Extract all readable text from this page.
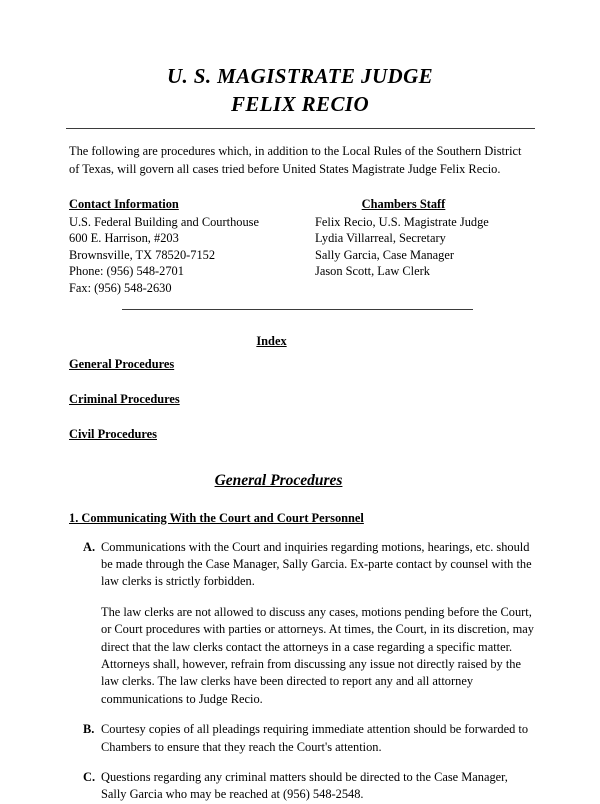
U. S. MAGISTRATE JUDGE
FELIX RECIO

The following are procedures which, in addition to the Local Rules of the Southern District of Texas, will govern all cases tried before United States Magistrate Judge Felix Recio.

Contact Information
U.S. Federal Building and Courthouse
600 E. Harrison, #203
Brownsville, TX 78520-7152
Phone: (956) 548-2701
Fax: (956) 548-2630
Chambers Staff
Felix Recio, U.S. Magistrate Judge
Lydia Villarreal, Secretary
Sally Garcia, Case Manager
Jason Scott, Law Clerk
Index
General Procedures
Criminal Procedures
Civil Procedures
General Procedures
1. Communicating With the Court and Court Personnel
A. Communications with the Court and inquiries regarding motions, hearings, etc. should be made through the Case Manager, Sally Garcia. Ex-parte contact by counsel with the law clerks is strictly forbidden.

The law clerks are not allowed to discuss any cases, motions pending before the Court, or Court procedures with parties or attorneys. At times, the Court, in its discretion, may direct that the law clerks contact the attorneys in a case regarding a specific matter. Attorneys shall, however, refrain from discussing any issue not directly raised by the law clerks. The law clerks have been directed to report any and all attorney communications to Judge Recio.

B. Courtesy copies of all pleadings requiring immediate attention should be forwarded to Chambers to ensure that they reach the Court's attention.

C. Questions regarding any criminal matters should be directed to the Case Manager, Sally Garcia who may be reached at (956) 548-2548.
